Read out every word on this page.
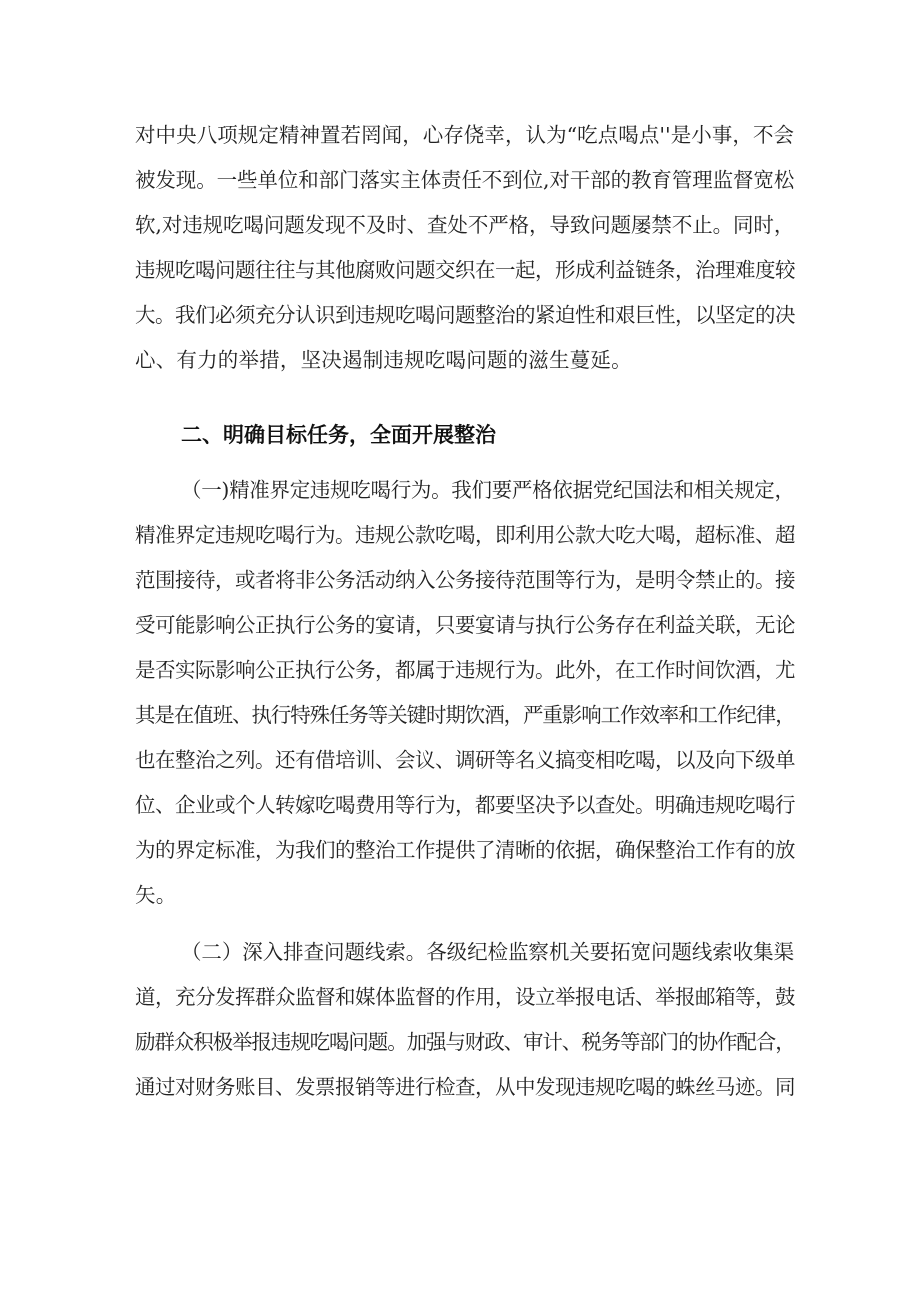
对中央八项规定精神置若罔闻，心存侥幸，认为“吃点喝点''是小事，不会
被发现。一些单位和部门落实主体责任不到位,对干部的教育管理监督宽松
软,对违规吃喝问题发现不及时、查处不严格，导致问题屡禁不止。同时，
违规吃喝问题往往与其他腐败问题交织在一起，形成利益链条，治理难度较
大。我们必须充分认识到违规吃喝问题整治的紧迫性和艰巨性，以坚定的决
心、有力的举措，坚决遏制违规吃喝问题的滋生蔓延。
二、明确目标任务，全面开展整治
（一)精准界定违规吃喝行为。我们要严格依据党纪国法和相关规定，
精准界定违规吃喝行为。违规公款吃喝，即利用公款大吃大喝，超标准、超
范围接待，或者将非公务活动纳入公务接待范围等行为，是明令禁止的。接
受可能影响公正执行公务的宴请，只要宴请与执行公务存在利益关联，无论
是否实际影响公正执行公务，都属于违规行为。此外，在工作时间饮酒，尤
其是在值班、执行特殊任务等关键时期饮酒，严重影响工作效率和工作纪律，
也在整治之列。还有借培训、会议、调研等名义搞变相吃喝，以及向下级单
位、企业或个人转嫁吃喝费用等行为，都要坚决予以查处。明确违规吃喝行
为的界定标准，为我们的整治工作提供了清晰的依据，确保整治工作有的放
矢。
（二）深入排查问题线索。各级纪检监察机关要拓宽问题线索收集渠
道，充分发挥群众监督和媒体监督的作用，设立举报电话、举报邮箱等，鼓
励群众积极举报违规吃喝问题。加强与财政、审计、税务等部门的协作配合，
通过对财务账目、发票报销等进行检查，从中发现违规吃喝的蛛丝马迹。同
